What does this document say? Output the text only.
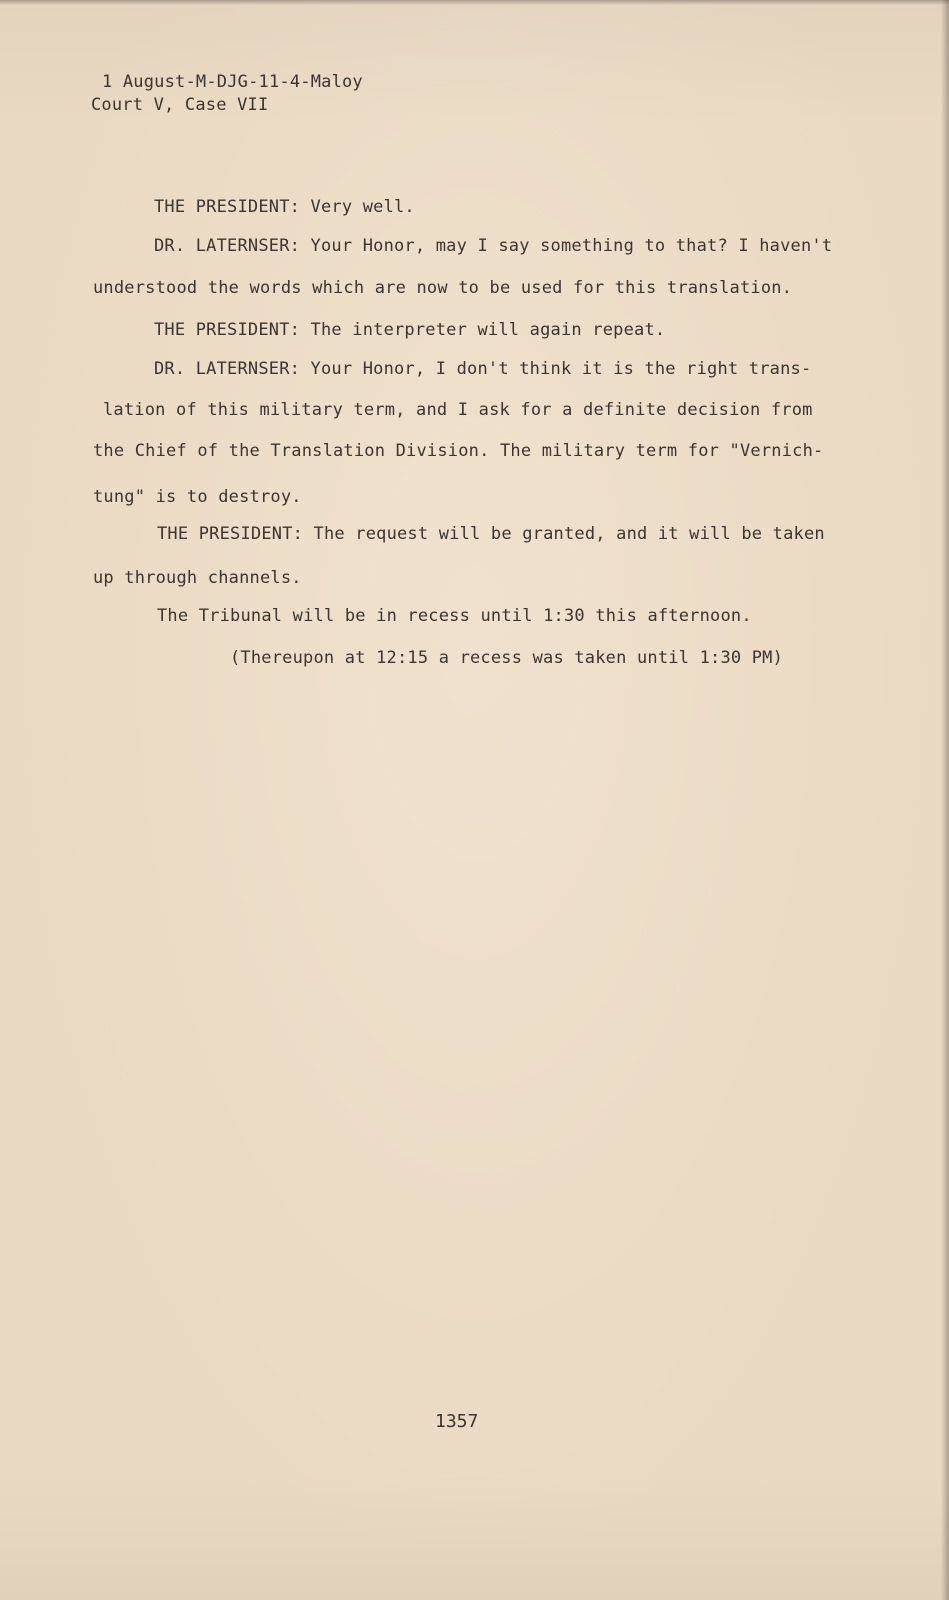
1 August-M-DJG-11-4-Maloy
Court V, Case VII
THE PRESIDENT: Very well.
DR. LATERNSER: Your Honor, may I say something to that? I haven't
understood the words which are now to be used for this translation.
THE PRESIDENT: The interpreter will again repeat.
DR. LATERNSER: Your Honor, I don't think it is the right trans-
lation of this military term, and I ask for a definite decision from
the Chief of the Translation Division. The military term for "Vernich-
tung" is to destroy.
THE PRESIDENT: The request will be granted, and it will be taken
up through channels.
The Tribunal will be in recess until 1:30 this afternoon.
(Thereupon at 12:15 a recess was taken until 1:30 PM)
1357
